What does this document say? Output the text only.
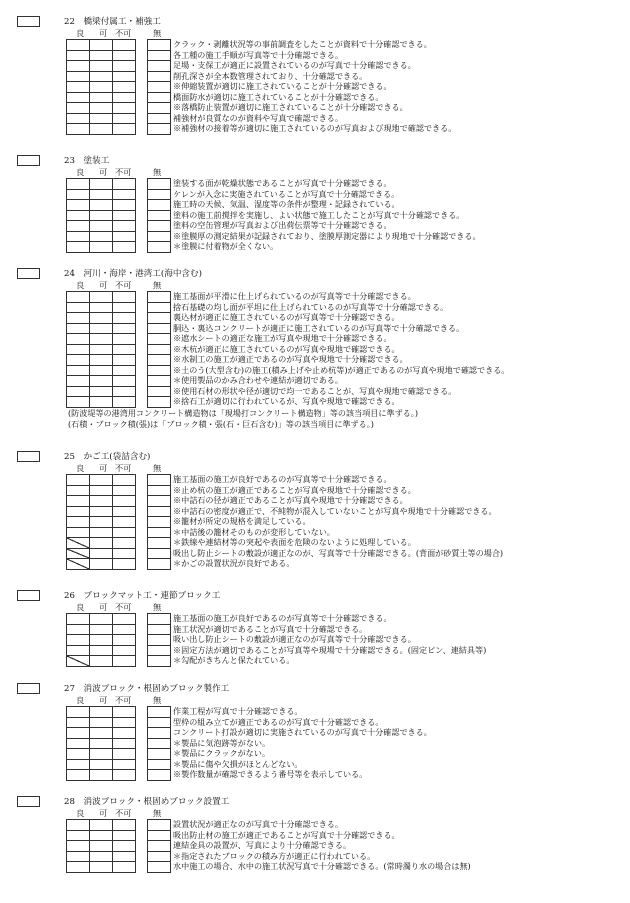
22　橋梁付属工・補強工
良 可 不可	無
クラック・剥離状況等の事前調査をしたことが資料で十分確認できる。
各工種の施工手順が写真等で十分確認できる。
足場・支保工が適正に設置されているのが写真で十分確認できる。
削孔深さが全本数管理されており、十分確認できる。
※伸縮装置が適切に施工されていることが十分確認できる。
橋面防水が適切に施工されていることが十分確認できる。
※落橋防止装置が適切に施工されていることが十分確認できる。
補強材が良質なのが資料や写真で確認できる。
※補強材の接着等が適切に施工されているのが写真および現地で確認できる。
23　塗装工
良 可 不可	無
塗装する面が乾燥状態であることが写真で十分確認できる。
ケレンが入念に実施されていることが写真で十分確認できる。
施工時の天候、気温、湿度等の条件が整理・記録されている。
塗料の施工前撹拌を実施し、よい状態で施工したことが写真で十分確認できる。
塗料の空缶管理が写真および出荷伝票等で十分確認できる。
※塗膜厚の測定結果が記録されており、塗膜厚測定器により現地で十分確認できる。
＊塗膜に付着物が全くない。
24　河川・海岸・港湾工(海中含む)
良 可 不可	無
施工基面が平滑に仕上げられているのが写真等で十分確認できる。
捨石基礎の均し面が平坦に仕上げられているのが写真等で十分確認できる。
裏込材が適正に施工されているのが写真等で十分確認できる。
胴込・裏込コンクリートが適正に施工されているのが写真等で十分確認できる。
※遮水シートの適正な施工が写真や現地で十分確認できる。
※木杭が適正に施工されているのが写真や現地で確認できる。
※水制工の施工が適正であるのが写真や現地で十分確認できる。
※土のう(大型含む)の施工(積み上げや止め杭等)が適正であるのが写真や現地で確認できる。
＊使用製品のかみ合わせや連結が適切である。
※使用石材の形状や径が適切で均一であることが、写真や現地で確認できる。
※捨石工が適切に行われているが、写真や現地で確認できる。
(防波堤等の港湾用コンクリート構造物は「現場打コンクリート構造物」等の該当項目に準ずる。)
(石積・ブロック積(張)は「ブロック積・張(石・巨石含む)」等の該当項目に準ずる。)
25　かご工(袋詰含む)
良 可 不可	無
施工基面の施工が良好であるのが写真等で十分確認できる。
※止め杭の施工が適正であることが写真や現地で十分確認できる。
※中詰石の径が適正であることが写真や現地で十分確認できる。
※中詰石の密度が適正で、不純物が混入していないことが写真や現地で十分確認できる。
※籠材が所定の規格を満足している。
＊中詰後の籠材そのものが変形していない。
＊鉄線や連結材等の突起や表面を危険のないように処理している。
吸出し防止シートの敷設が適正なのが、写真等で十分確認できる。(背面が砂質土等の場合)
＊かごの設置状況が良好である。
26　ブロックマット工・連節ブロック工
良 可 不可	無
施工基面の施工が良好であるのが写真等で十分確認できる。
施工状況が適切であることが写真で十分確認できる。
吸い出し防止シートの敷設が適正なのが写真等で十分確認できる。
※固定方法が適切であることが写真等や現場で十分確認できる。(固定ピン、連結具等)
＊勾配がきちんと保たれている。
27　消波ブロック・根固めブロック製作工
良 可 不可	無
作業工程が写真で十分確認できる。
型枠の組み立てが適正であるのが写真で十分確認できる。
コンクリート打設が適切に実施されているのが写真で十分確認できる。
＊製品に気泡跡等がない。
＊製品にクラックがない。
＊製品に傷や欠損がほとんどない。
※製作数量が確認できるよう番号等を表示している。
28　消波ブロック・根固めブロック設置工
良 可 不可	無
設置状況が適正なのが写真で十分確認できる。
吸出防止材の施工が適正であることが写真で十分確認できる。
連結金具の設置が、写真により十分確認できる。
＊指定されたブロックの積み方が適正に行われている。
水中施工の場合、水中の施工状況写真で十分確認できる。(常時濁り水の場合は無)
